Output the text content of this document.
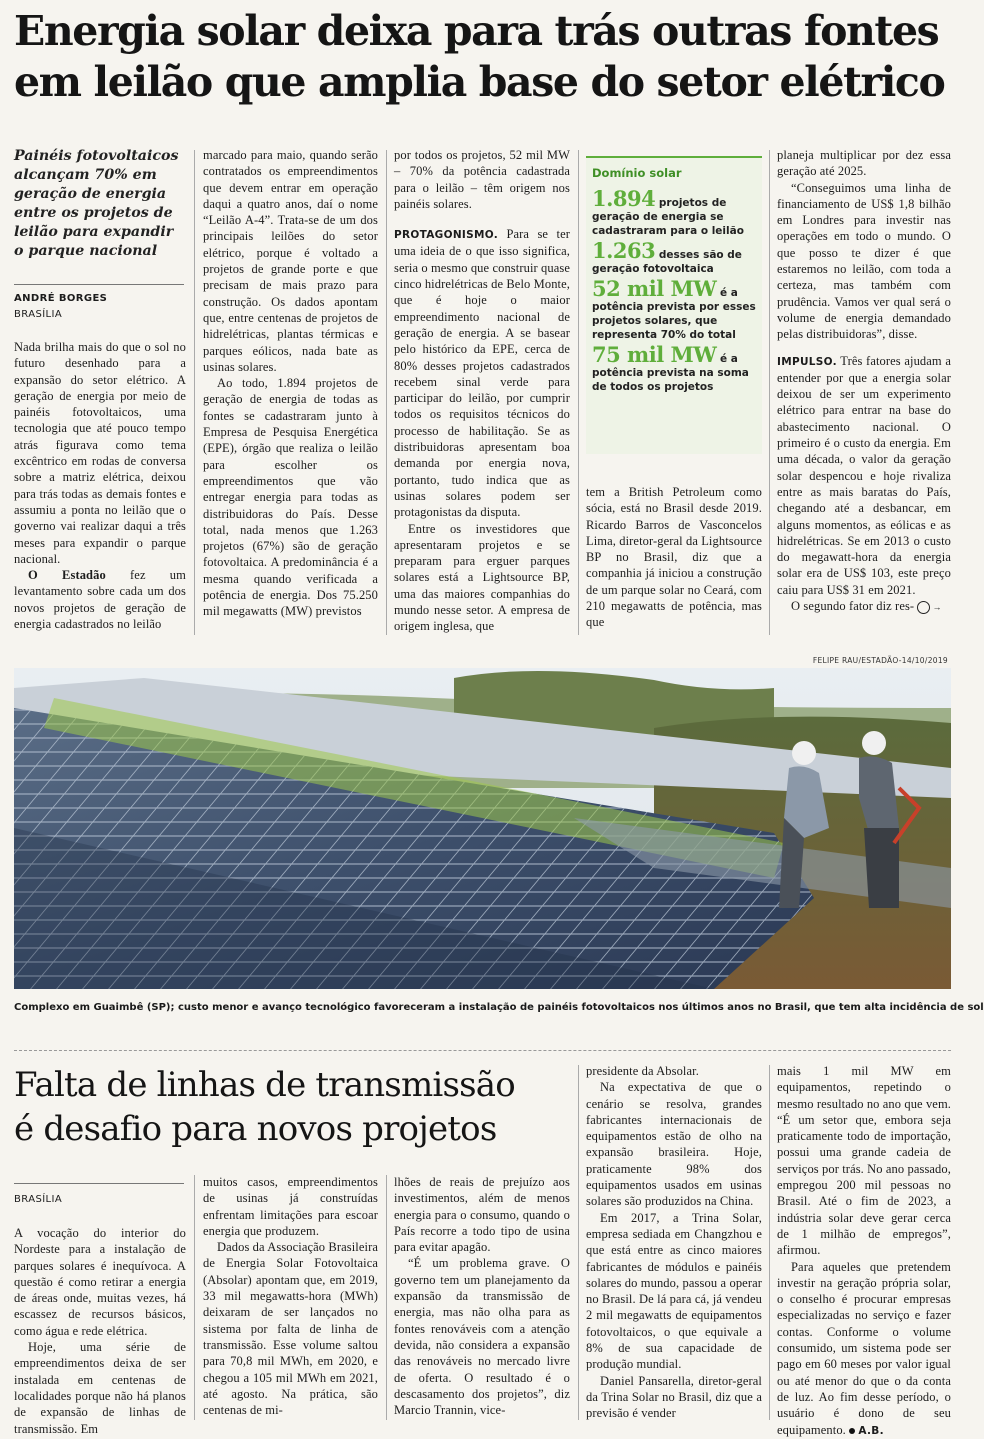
Energia solar deixa para trás outras fontes
em leilão que amplia base do setor elétrico
Painéis fotovoltaicos alcançam 70% em geração de energia entre os projetos de leilão para expandir o parque nacional
ANDRÉ BORGES
BRASÍLIA

Nada brilha mais do que o sol no futuro desenhado para a expansão do setor elétrico. A geração de energia por meio de painéis fotovoltaicos, uma tecnologia que até pouco tempo atrás figurava como tema excêntrico em rodas de conversa sobre a matriz elétrica, deixou para trás todas as demais fontes e assumiu a ponta no leilão que o governo vai realizar daqui a três meses para expandir o parque nacional.

O Estadão fez um levantamento sobre cada um dos novos projetos de geração de energia cadastrados no leilão

marcado para maio, quando serão contratados os empreendimentos que devem entrar em operação daqui a quatro anos, daí o nome “Leilão A-4”. Trata-se de um dos principais leilões do setor elétrico, porque é voltado a projetos de grande porte e que precisam de mais prazo para construção. Os dados apontam que, entre centenas de projetos de hidrelétricas, plantas térmicas e parques eólicos, nada bate as usinas solares.

Ao todo, 1.894 projetos de geração de energia de todas as fontes se cadastraram junto à Empresa de Pesquisa Energética (EPE), órgão que realiza o leilão para escolher os empreendimentos que vão entregar energia para todas as distribuidoras do País. Desse total, nada menos que 1.263 projetos (67%) são de geração fotovoltaica. A predominância é a mesma quando verificada a potência de energia. Dos 75.250 mil megawatts (MW) previstos

por todos os projetos, 52 mil MW – 70% da potência cadastrada para o leilão – têm origem nos painéis solares.

PROTAGONISMO. Para se ter uma ideia de o que isso significa, seria o mesmo que construir quase cinco hidrelétricas de Belo Monte, que é hoje o maior empreendimento nacional de geração de energia. A se basear pelo histórico da EPE, cerca de 80% desses projetos cadastrados recebem sinal verde para participar do leilão, por cumprir todos os requisitos técnicos do processo de habilitação. Se as distribuidoras apresentam boa demanda por energia nova, portanto, tudo indica que as usinas solares podem ser protagonistas da disputa.

Entre os investidores que apresentaram projetos e se preparam para erguer parques solares está a Lightsource BP, uma das maiores companhias do mundo nesse setor. A empresa de origem inglesa, que

Domínio solar
1.894 projetos de geração de energia se cadastraram para o leilão
1.263 desses são de geração fotovoltaica
52 mil MW é a potência prevista por esses projetos solares, que representa 70% do total
75 mil MW é a potência prevista na soma de todos os projetos

tem a British Petroleum como sócia, está no Brasil desde 2019. Ricardo Barros de Vasconcelos Lima, diretor-geral da Lightsource BP no Brasil, diz que a companhia já iniciou a construção de um parque solar no Ceará, com 210 megawatts de potência, mas que

planeja multiplicar por dez essa geração até 2025.

“Conseguimos uma linha de financiamento de US$ 1,8 bilhão em Londres para investir nas operações em todo o mundo. O que posso te dizer é que estaremos no leilão, com toda a certeza, mas também com prudência. Vamos ver qual será o volume de energia demandado pelas distribuidoras”, disse.

IMPULSO. Três fatores ajudam a entender por que a energia solar deixou de ser um experimento elétrico para entrar na base do abastecimento nacional. O primeiro é o custo da energia. Em uma década, o valor da geração solar despencou e hoje rivaliza entre as mais baratas do País, chegando até a desbancar, em alguns momentos, as eólicas e as hidrelétricas. Se em 2013 o custo do megawatt-hora da energia solar era de US$ 103, este preço caiu para US$ 31 em 2021.

O segundo fator diz res- →

FELIPE RAU/ESTADÃO-14/10/2019
Complexo em Guaimbê (SP); custo menor e avanço tecnológico favoreceram a instalação de painéis fotovoltaicos nos últimos anos no Brasil, que tem alta incidência de sol
Falta de linhas de transmissão
é desafio para novos projetos
BRASÍLIA

A vocação do interior do Nordeste para a instalação de parques solares é inequívoca. A questão é como retirar a energia de áreas onde, muitas vezes, há escassez de recursos básicos, como água e rede elétrica.

Hoje, uma série de empreendimentos deixa de ser instalada em centenas de localidades porque não há planos de expansão de linhas de transmissão. Em

muitos casos, empreendimentos de usinas já construídas enfrentam limitações para escoar energia que produzem.

Dados da Associação Brasileira de Energia Solar Fotovoltaica (Absolar) apontam que, em 2019, 33 mil megawatts-hora (MWh) deixaram de ser lançados no sistema por falta de linha de transmissão. Esse volume saltou para 70,8 mil MWh, em 2020, e chegou a 105 mil MWh em 2021, até agosto. Na prática, são centenas de mi-

lhões de reais de prejuízo aos investimentos, além de menos energia para o consumo, quando o País recorre a todo tipo de usina para evitar apagão.

“É um problema grave. O governo tem um planejamento da expansão da transmissão de energia, mas não olha para as fontes renováveis com a atenção devida, não considera a expansão das renováveis no mercado livre de oferta. O resultado é o descasamento dos projetos”, diz Marcio Trannin, vice-

presidente da Absolar.

Na expectativa de que o cenário se resolva, grandes fabricantes internacionais de equipamentos estão de olho na expansão brasileira. Hoje, praticamente 98% dos equipamentos usados em usinas solares são produzidos na China.

Em 2017, a Trina Solar, empresa sediada em Changzhou e que está entre as cinco maiores fabricantes de módulos e painéis solares do mundo, passou a operar no Brasil. De lá para cá, já vendeu 2 mil megawatts de equipamentos fotovoltaicos, o que equivale a 8% de sua capacidade de produção mundial.

Daniel Pansarella, diretor-geral da Trina Solar no Brasil, diz que a previsão é vender

mais 1 mil MW em equipamentos, repetindo o mesmo resultado no ano que vem. “É um setor que, embora seja praticamente todo de importação, possui uma grande cadeia de serviços por trás. No ano passado, empregou 200 mil pessoas no Brasil. Até o fim de 2023, a indústria solar deve gerar cerca de 1 milhão de empregos”, afirmou.

Para aqueles que pretendem investir na geração própria solar, o conselho é procurar empresas especializadas no serviço e fazer contas. Conforme o volume consumido, um sistema pode ser pago em 60 meses por valor igual ou até menor do que o da conta de luz. Ao fim desse período, o usuário é dono de seu equipamento. A.B.
